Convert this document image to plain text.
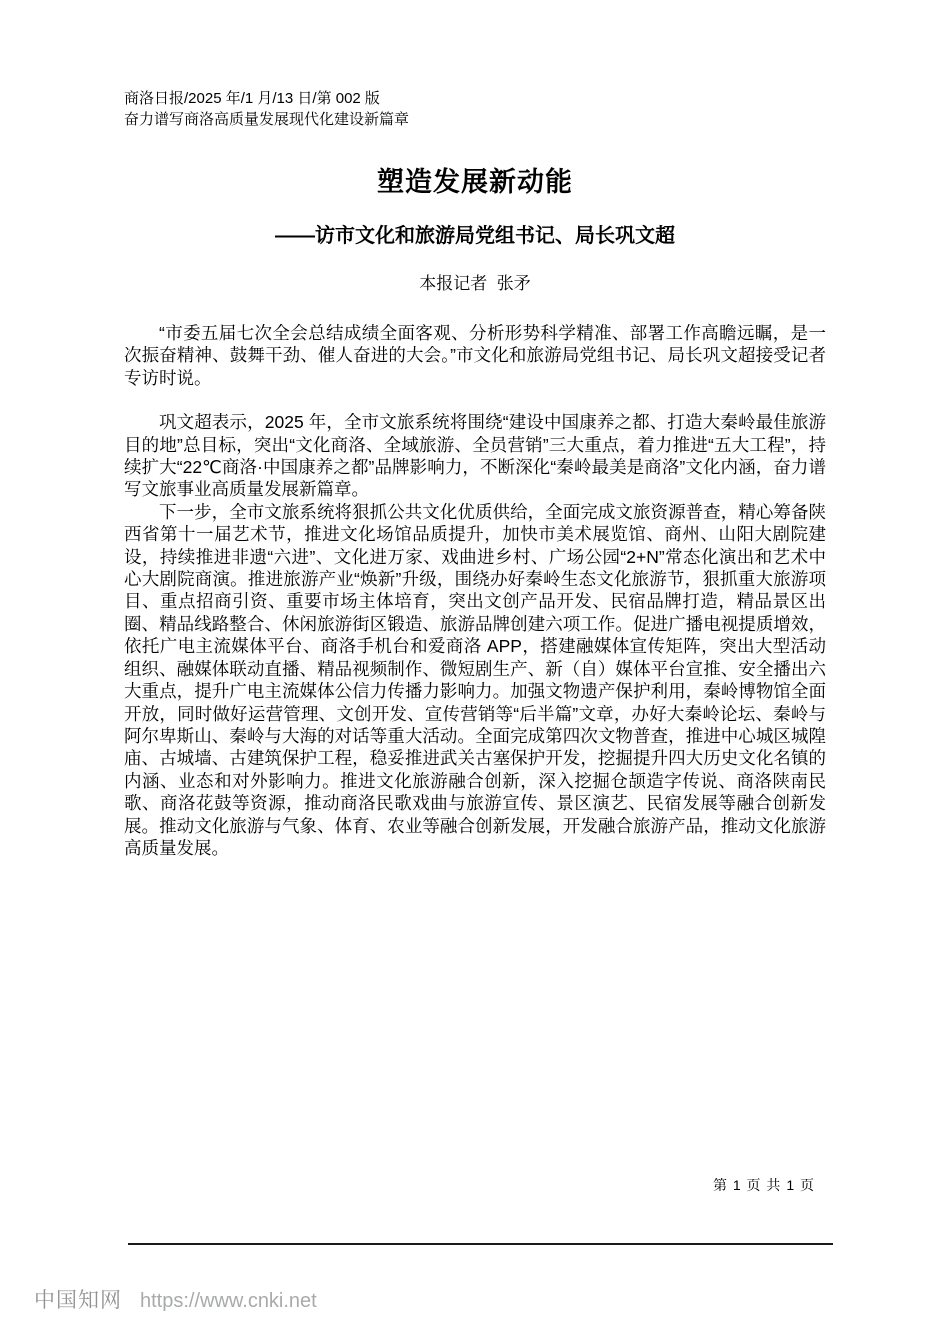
商洛日报/2025 年/1 月/13 日/第 002 版
奋力谱写商洛高质量发展现代化建设新篇章
塑造发展新动能
——访市文化和旅游局党组书记、局长巩文超
本报记者  张矛

“市委五届七次全会总结成绩全面客观、分析形势科学精准、部署工作高瞻远瞩，是一次振奋精神、鼓舞干劲、催人奋进的大会。”市文化和旅游局党组书记、局长巩文超接受记者专访时说。

巩文超表示，2025 年，全市文旅系统将围绕“建设中国康养之都、打造大秦岭最佳旅游目的地”总目标，突出“文化商洛、全域旅游、全员营销”三大重点，着力推进“五大工程”，持续扩大“22℃商洛·中国康养之都”品牌影响力，不断深化“秦岭最美是商洛”文化内涵，奋力谱写文旅事业高质量发展新篇章。

下一步，全市文旅系统将狠抓公共文化优质供给，全面完成文旅资源普查，精心筹备陕西省第十一届艺术节，推进文化场馆品质提升，加快市美术展览馆、商州、山阳大剧院建设，持续推进非遗“六进”、文化进万家、戏曲进乡村、广场公园“2+N”常态化演出和艺术中心大剧院商演。推进旅游产业“焕新”升级，围绕办好秦岭生态文化旅游节，狠抓重大旅游项目、重点招商引资、重要市场主体培育，突出文创产品开发、民宿品牌打造，精品景区出圈、精品线路整合、休闲旅游街区锻造、旅游品牌创建六项工作。促进广播电视提质增效，依托广电主流媒体平台、商洛手机台和爱商洛 APP，搭建融媒体宣传矩阵，突出大型活动组织、融媒体联动直播、精品视频制作、微短剧生产、新（自）媒体平台宣推、安全播出六大重点，提升广电主流媒体公信力传播力影响力。加强文物遗产保护利用，秦岭博物馆全面开放，同时做好运营管理、文创开发、宣传营销等“后半篇”文章，办好大秦岭论坛、秦岭与阿尔卑斯山、秦岭与大海的对话等重大活动。全面完成第四次文物普查，推进中心城区城隍庙、古城墙、古建筑保护工程，稳妥推进武关古塞保护开发，挖掘提升四大历史文化名镇的内涵、业态和对外影响力。推进文化旅游融合创新，深入挖掘仓颉造字传说、商洛陕南民歌、商洛花鼓等资源，推动商洛民歌戏曲与旅游宣传、景区演艺、民宿发展等融合创新发展。推动文化旅游与气象、体育、农业等融合创新发展，开发融合旅游产品，推动文化旅游高质量发展。

第 1 页 共 1 页
中国知网 https://www.cnki.net
